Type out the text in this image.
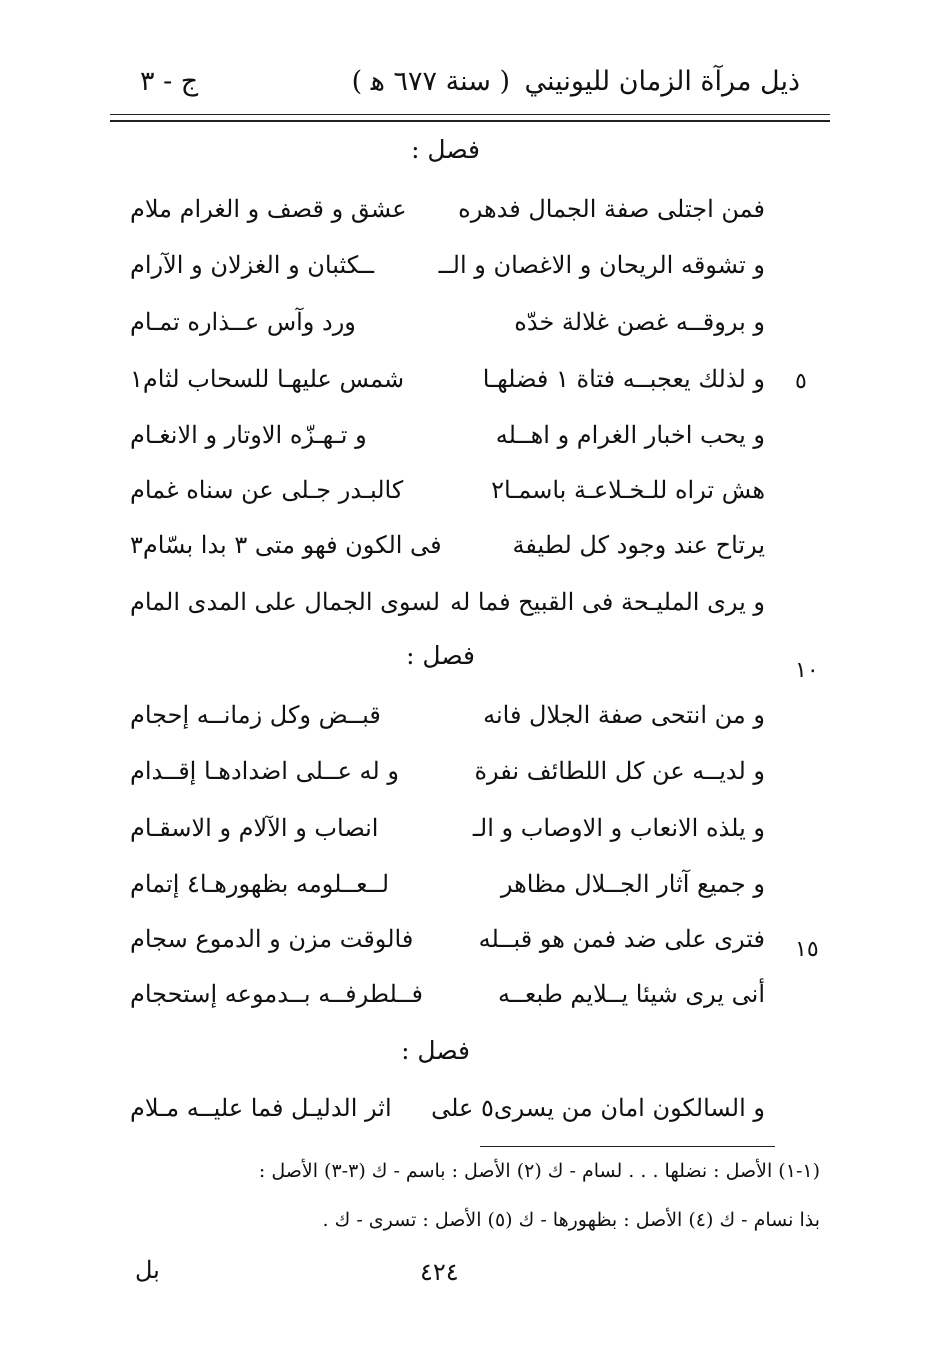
ذيل مرآة الزمان لليونيني
( سنة ٦٧٧ ﻫ )
ج - ٣
فصل :
فمن اجتلى صفة الجمال فدهره
عشق و قصف و الغرام ملام
و تشوقه الريحان و الاغصان و الــ
ــكثبان و الغزلان و الآرام
و بروقــه غصن غلالة خدّه
ورد وآس عــذاره تمـام
و لذلك يعجبــه فتاة ١ فضلهـا
شمس عليهـا للسحاب لثام١	٥
و يحب اخبار الغرام و اهــله
و تـهـزّه الاوتار و الانغـام
هش تراه للـخـلاعـة باسمـا٢
كالبـدر جـلى عن سناه غمام
يرتاح عند وجود كل لطيفة
فى الكون فهو متى ٣ بدا بسّام٣
و يرى المليـحة فى القبيح فما له
لسوى الجمال على المدى المام
فصل :
١٠
و من انتحى صفة الجلال فانه
قبــض وكل زمانــه إحجام
و لديــه عن كل اللطائف نفرة
و له عــلى اضدادهـا إقــدام
و يلذه الانعاب و الاوصاب و الـ
انصاب و الآلام و الاسقـام
و جميع آثار الجــلال مظاهر
لــعــلومه بظهورهـا٤ إتمام
فترى على ضد فمن هو قبــله
فالوقت مزن و الدموع سجام	١٥
أنى يرى شيئا يــلايم طبعــه
فــلطرفــه بــدموعه إستحجام
فصل :
و السالكون امان من يسرى٥ على
اثر الدليـل فما عليــه مـلام
(١-١) الأصل : نضلها . . . لسام - ك (٢) الأصل : باسم - ك (٣-٣) الأصل :
بذا نسام - ك (٤) الأصل : بظهورها - ك (٥) الأصل : تسرى - ك .
٤٢٤
بل
